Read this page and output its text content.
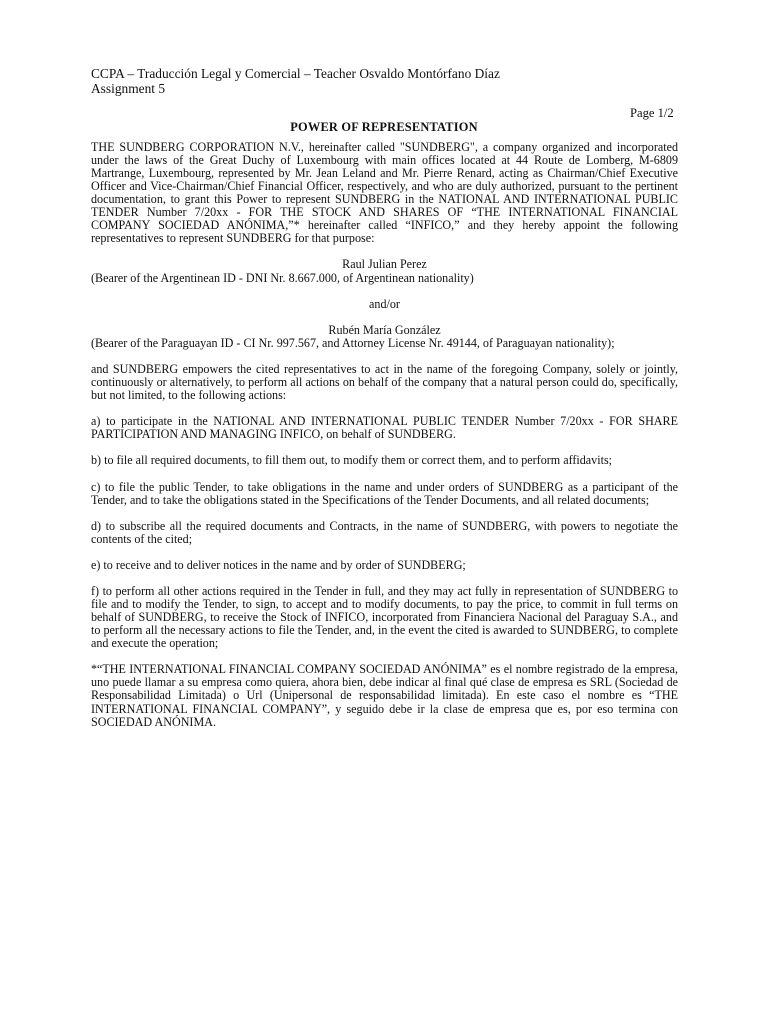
CCPA – Traducción Legal y Comercial – Teacher Osvaldo Montórfano Díaz
Assignment 5
Page 1/2
POWER OF REPRESENTATION

THE SUNDBERG CORPORATION N.V., hereinafter called "SUNDBERG", a company organized and incorporated under the laws of the Great Duchy of Luxembourg with main offices located at 44 Route de Lomberg, M-6809 Martrange, Luxembourg, represented by Mr. Jean Leland and Mr. Pierre Renard, acting as Chairman/Chief Executive Officer and Vice-Chairman/Chief Financial Officer, respectively, and who are duly authorized, pursuant to the pertinent documentation, to grant this Power to represent SUNDBERG in the NATIONAL AND INTERNATIONAL PUBLIC TENDER Number 7/20xx - FOR THE STOCK AND SHARES OF “THE INTERNATIONAL FINANCIAL COMPANY SOCIEDAD ANÓNIMA,”* hereinafter called “INFICO,” and they hereby appoint the following representatives to represent SUNDBERG for that purpose:

Raul Julian Perez

(Bearer of the Argentinean ID - DNI Nr. 8.667.000, of Argentinean nationality)

and/or

Rubén María González

(Bearer of the Paraguayan ID - CI Nr. 997.567, and Attorney License Nr. 49144, of Paraguayan nationality);

and SUNDBERG empowers the cited representatives to act in the name of the foregoing Company, solely or jointly, continuously or alternatively, to perform all actions on behalf of the company that a natural person could do, specifically, but not limited, to the following actions:

a) to participate in the NATIONAL AND INTERNATIONAL PUBLIC TENDER Number 7/20xx - FOR SHARE PARTICIPATION AND MANAGING INFICO, on behalf of SUNDBERG.

b) to file all required documents, to fill them out, to modify them or correct them, and to perform affidavits;

c) to file the public Tender, to take obligations in the name and under orders of SUNDBERG as a participant of the Tender, and to take the obligations stated in the Specifications of the Tender Documents, and all related documents;

d) to subscribe all the required documents and Contracts, in the name of SUNDBERG, with powers to negotiate the contents of the cited;

e) to receive and to deliver notices in the name and by order of SUNDBERG;

f) to perform all other actions required in the Tender in full, and they may act fully in representation of SUNDBERG to file and to modify the Tender, to sign, to accept and to modify documents, to pay the price, to commit in full terms on behalf of SUNDBERG, to receive the Stock of INFICO, incorporated from Financiera Nacional del Paraguay S.A., and to perform all the necessary actions to file the Tender, and, in the event the cited is awarded to SUNDBERG, to complete and execute the operation;

*“THE INTERNATIONAL FINANCIAL COMPANY SOCIEDAD ANÓNIMA” es el nombre registrado de la empresa, uno puede llamar a su empresa como quiera, ahora bien, debe indicar al final qué clase de empresa es SRL (Sociedad de Responsabilidad Limitada) o Url (Unipersonal de responsabilidad limitada). En este caso el nombre es “THE INTERNATIONAL FINANCIAL COMPANY”, y seguido debe ir la clase de empresa que es, por eso termina con SOCIEDAD ANÓNIMA.
